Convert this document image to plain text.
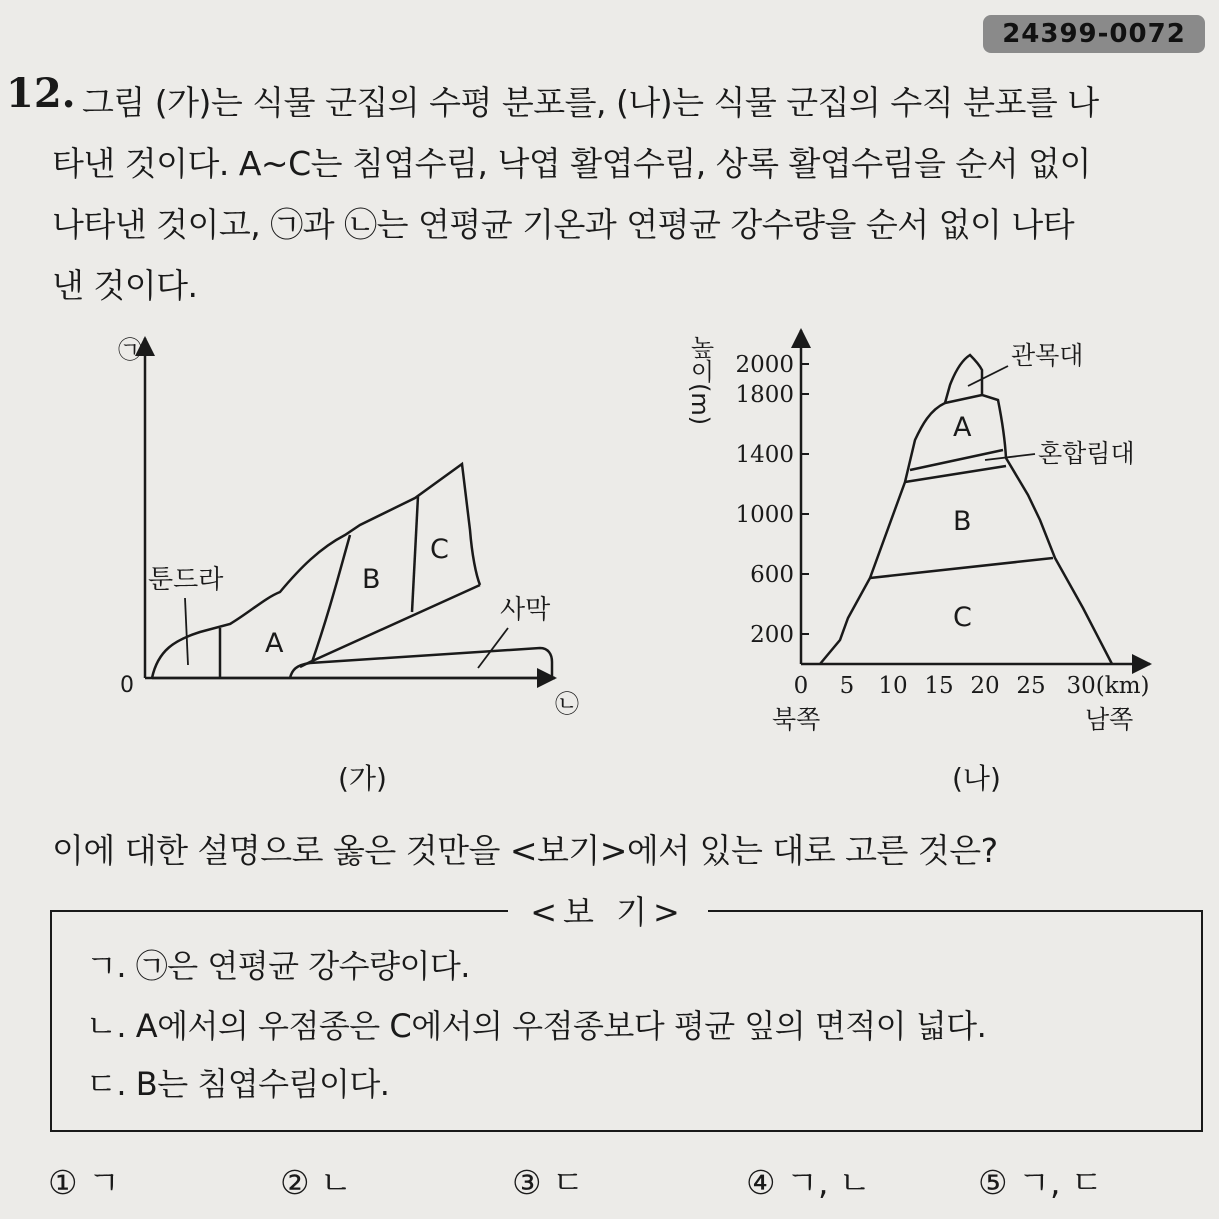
24399-0072
12. 그림 (가)는 식물 군집의 수평 분포를, (나)는 식물 군집의 수직 분포를 나
타낸 것이다. A~C는 침엽수림, 낙엽 활엽수림, 상록 활엽수림을 순서 없이
나타낸 것이고, ㉠과 ㉡는 연평균 기온과 연평균 강수량을 순서 없이 나타
낸 것이다.
㉠
㉡
0
툰드라
A
B
C
사막
(가)
높이(m) 2000
1800
1400
1000
600
200
0 5 10 15 20 25 30(km)
북쪽	남쪽
관목대
A
혼합림대
B
C
(나)
이에 대한 설명으로 옳은 것만을 <보기>에서 있는 대로 고른 것은?
<보 기>
ㄱ. ㉠은 연평균 강수량이다.
ㄴ. A에서의 우점종은 C에서의 우점종보다 평균 잎의 면적이 넓다.
ㄷ. B는 침엽수림이다.
① ㄱ	② ㄴ	③ ㄷ	④ ㄱ, ㄴ	⑤ ㄱ, ㄷ
